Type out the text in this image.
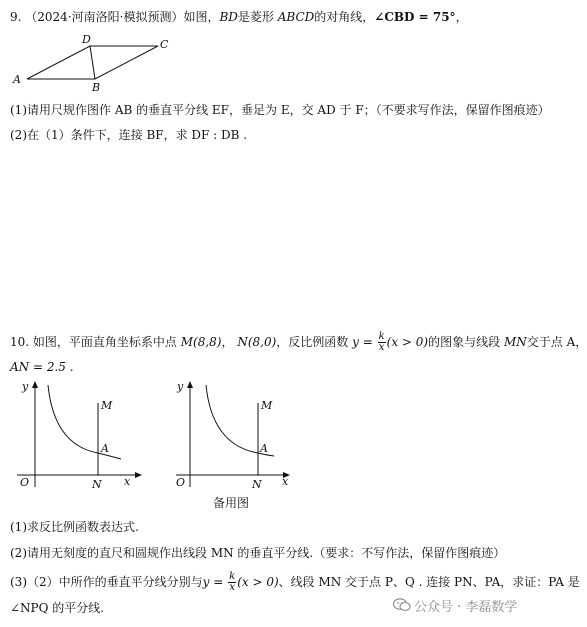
9. （2024·河南洛阳·模拟预测）如图，BD是菱形 ABCD的对角线，∠CBD = 75°，
A
B
C
D
(1)请用尺规作图作 AB 的垂直平分线 EF，垂足为 E，交 AD 于 F；（不要求写作法，保留作图痕迹）
(2)在（1）条件下，连接 BF，求 DF : DB .
10. 如图，平面直角坐标系中点 M(8,8)， N(8,0)，反比例函数 $y = \frac{k}{x} (x > 0)$的图象与线段 MN交于点 A，
AN = 2.5 .
y
x
O	N
M
A
y
x
O	N
M
A
备用图
(1)求反比例函数表达式.
(2)请用无刻度的直尺和圆规作出线段 MN 的垂直平分线.（要求：不写作法，保留作图痕迹）
(3)（2）中所作的垂直平分线分别与$y = \frac{k}{x} (x > 0)$、线段 MN 交于点 P、Q . 连接 PN、PA，求证：PA 是
∠NPQ 的平分线.	公众号 · 李磊数学
